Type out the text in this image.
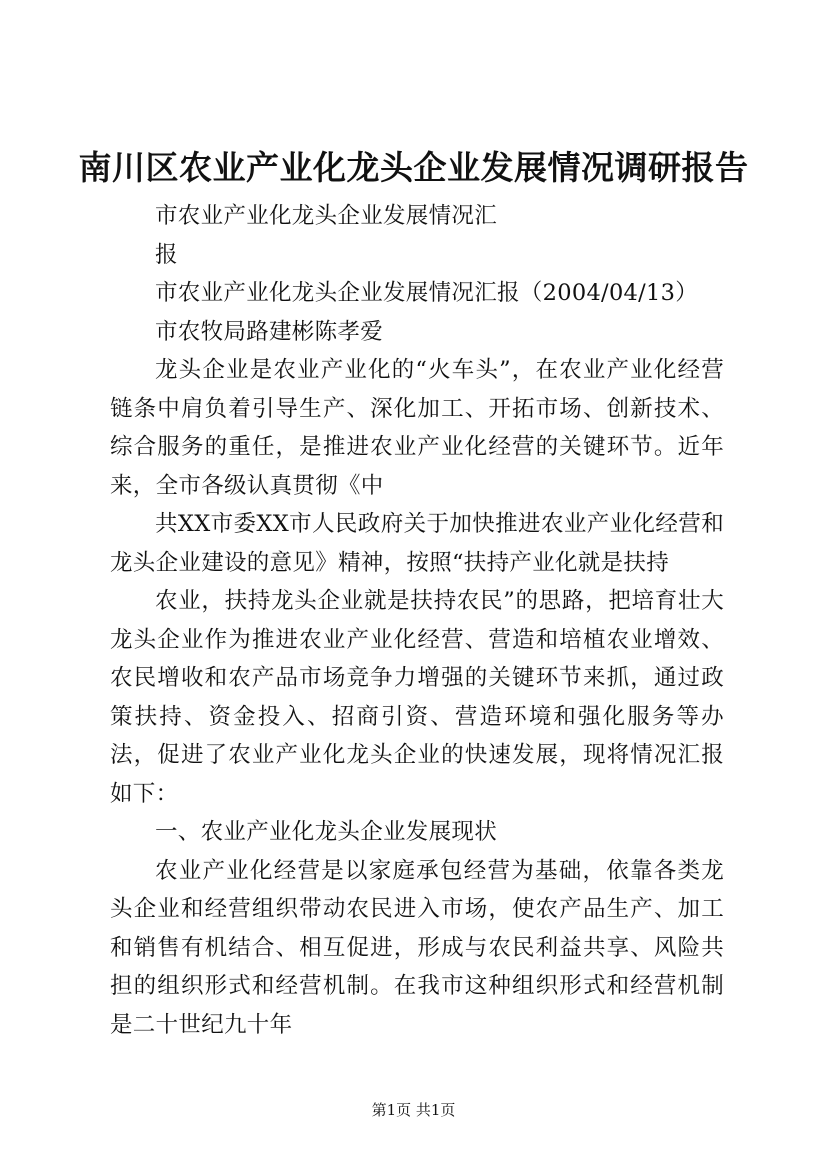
南川区农业产业化龙头企业发展情况调研报告

市农业产业化龙头企业发展情况汇

报

市农业产业化龙头企业发展情况汇报（2004/04/13）

市农牧局路建彬陈孝爱

龙头企业是农业产业化的“火车头”，在农业产业化经营链条中肩负着引导生产、深化加工、开拓市场、创新技术、综合服务的重任，是推进农业产业化经营的关键环节。近年来，全市各级认真贯彻《中

共XX市委XX市人民政府关于加快推进农业产业化经营和龙头企业建设的意见》精神，按照“扶持产业化就是扶持

农业，扶持龙头企业就是扶持农民”的思路，把培育壮大龙头企业作为推进农业产业化经营、营造和培植农业增效、农民增收和农产品市场竞争力增强的关键环节来抓，通过政策扶持、资金投入、招商引资、营造环境和强化服务等办法，促进了农业产业化龙头企业的快速发展，现将情况汇报如下：

一、农业产业化龙头企业发展现状

农业产业化经营是以家庭承包经营为基础，依靠各类龙头企业和经营组织带动农民进入市场，使农产品生产、加工和销售有机结合、相互促进，形成与农民利益共享、风险共担的组织形式和经营机制。在我市这种组织形式和经营机制是二十世纪九十年

第1页 共1页
